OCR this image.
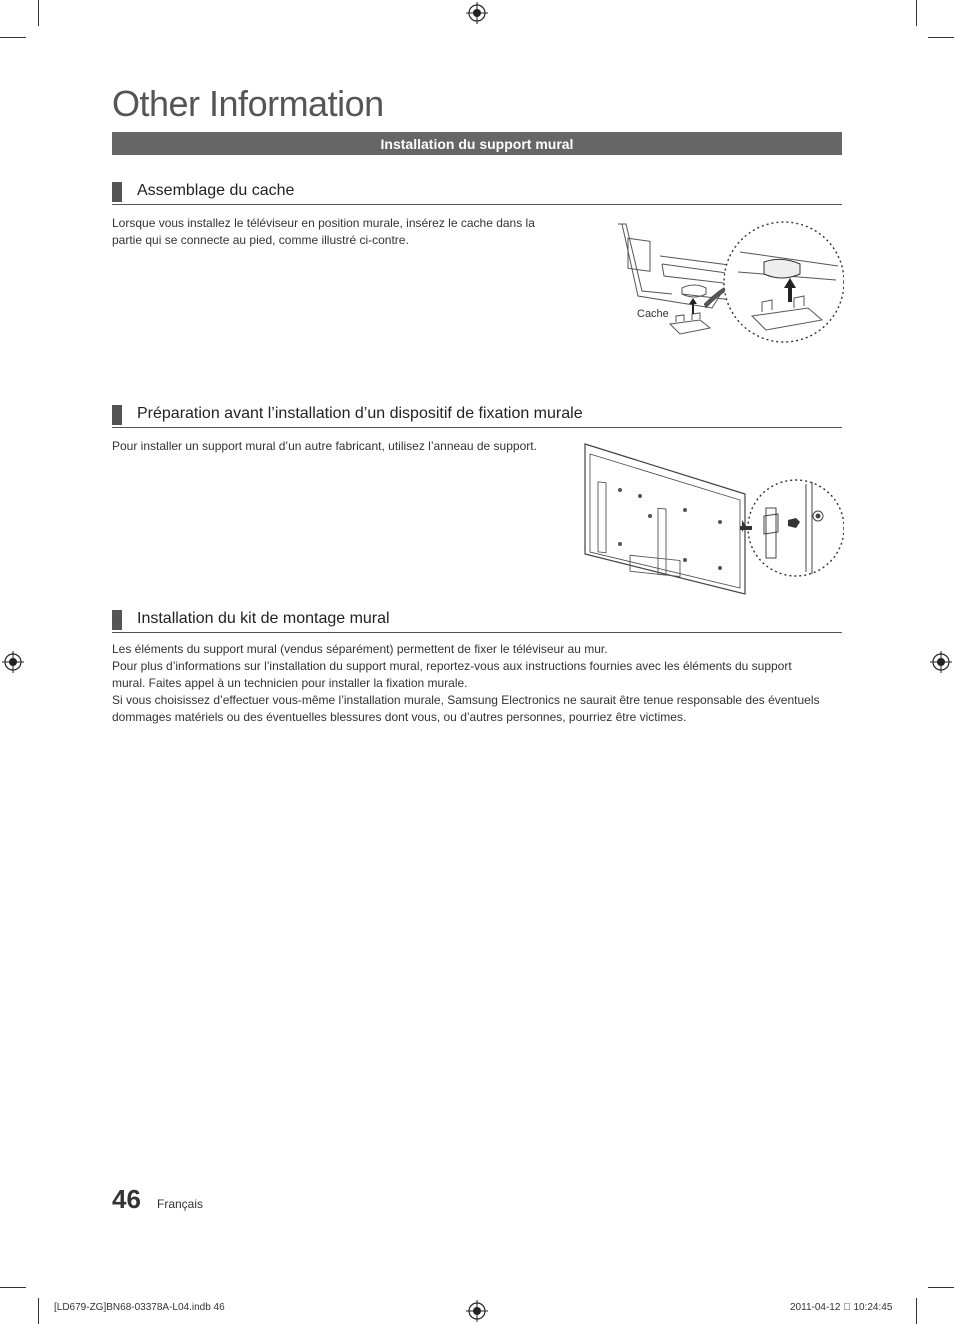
Other Information
Installation du support mural
Assemblage du cache

Lorsque vous installez le téléviseur en position murale, insérez le cache dans la

partie qui se connecte au pied, comme illustré ci-contre.

Cache
Préparation avant l’installation d’un dispositif de fixation murale

Pour installer un support mural d’un autre fabricant, utilisez l’anneau de support.

Installation du kit de montage mural

Les éléments du support mural (vendus séparément) permettent de fixer le téléviseur au mur.

Pour plus d’informations sur l’installation du support mural, reportez-vous aux instructions fournies avec les éléments du support

mural. Faites appel à un technicien pour installer la fixation murale.

Si vous choisissez d’effectuer vous-même l’installation murale, Samsung Electronics ne saurait être tenue responsable des éventuels

dommages matériels ou des éventuelles blessures dont vous, ou d’autres personnes, pourriez être victimes.

46 Français
[LD679-ZG]BN68-03378A-L04.indb 46	2011-04-12   10:24:45
